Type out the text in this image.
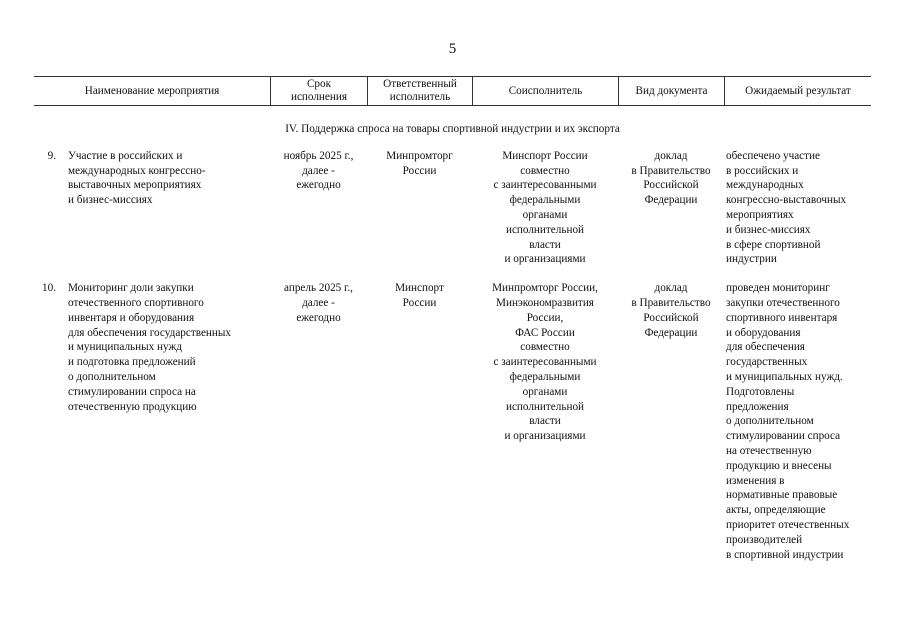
5
Наименование мероприятия
Срок
исполнения
Ответственный
исполнитель
Соисполнитель	Вид документа	Ожидаемый результат
IV. Поддержка спроса на товары спортивной индустрии и их экспорта
9. Участие в российских и
международных конгрессно-
выставочных мероприятиях
и бизнес-миссиях
ноябрь 2025 г.,
далее -
ежегодно
Минпромторг
России
Минспорт России
совместно
с заинтересованными
федеральными
органами
исполнительной
власти
и организациями
доклад
в Правительство
Российской
Федерации
обеспечено участие
в российских и
международных
конгрессно-выставочных
мероприятиях
и бизнес-миссиях
в сфере спортивной
индустрии
10. Мониторинг доли закупки
отечественного спортивного
инвентаря и оборудования
для обеспечения государственных
и муниципальных нужд
и подготовка предложений
о дополнительном
стимулировании спроса на
отечественную продукцию
апрель 2025 г.,
далее -
ежегодно
Минспорт
России
Минпромторг России,
Минэкономразвития
России,
ФАС России
совместно
с заинтересованными
федеральными
органами
исполнительной
власти
и организациями
доклад
в Правительство
Российской
Федерации
проведен мониторинг
закупки отечественного
спортивного инвентаря
и оборудования
для обеспечения
государственных
и муниципальных нужд.
Подготовлены
предложения
о дополнительном
стимулировании спроса
на отечественную
продукцию и внесены
изменения в
нормативные правовые
акты, определяющие
приоритет отечественных
производителей
в спортивной индустрии
